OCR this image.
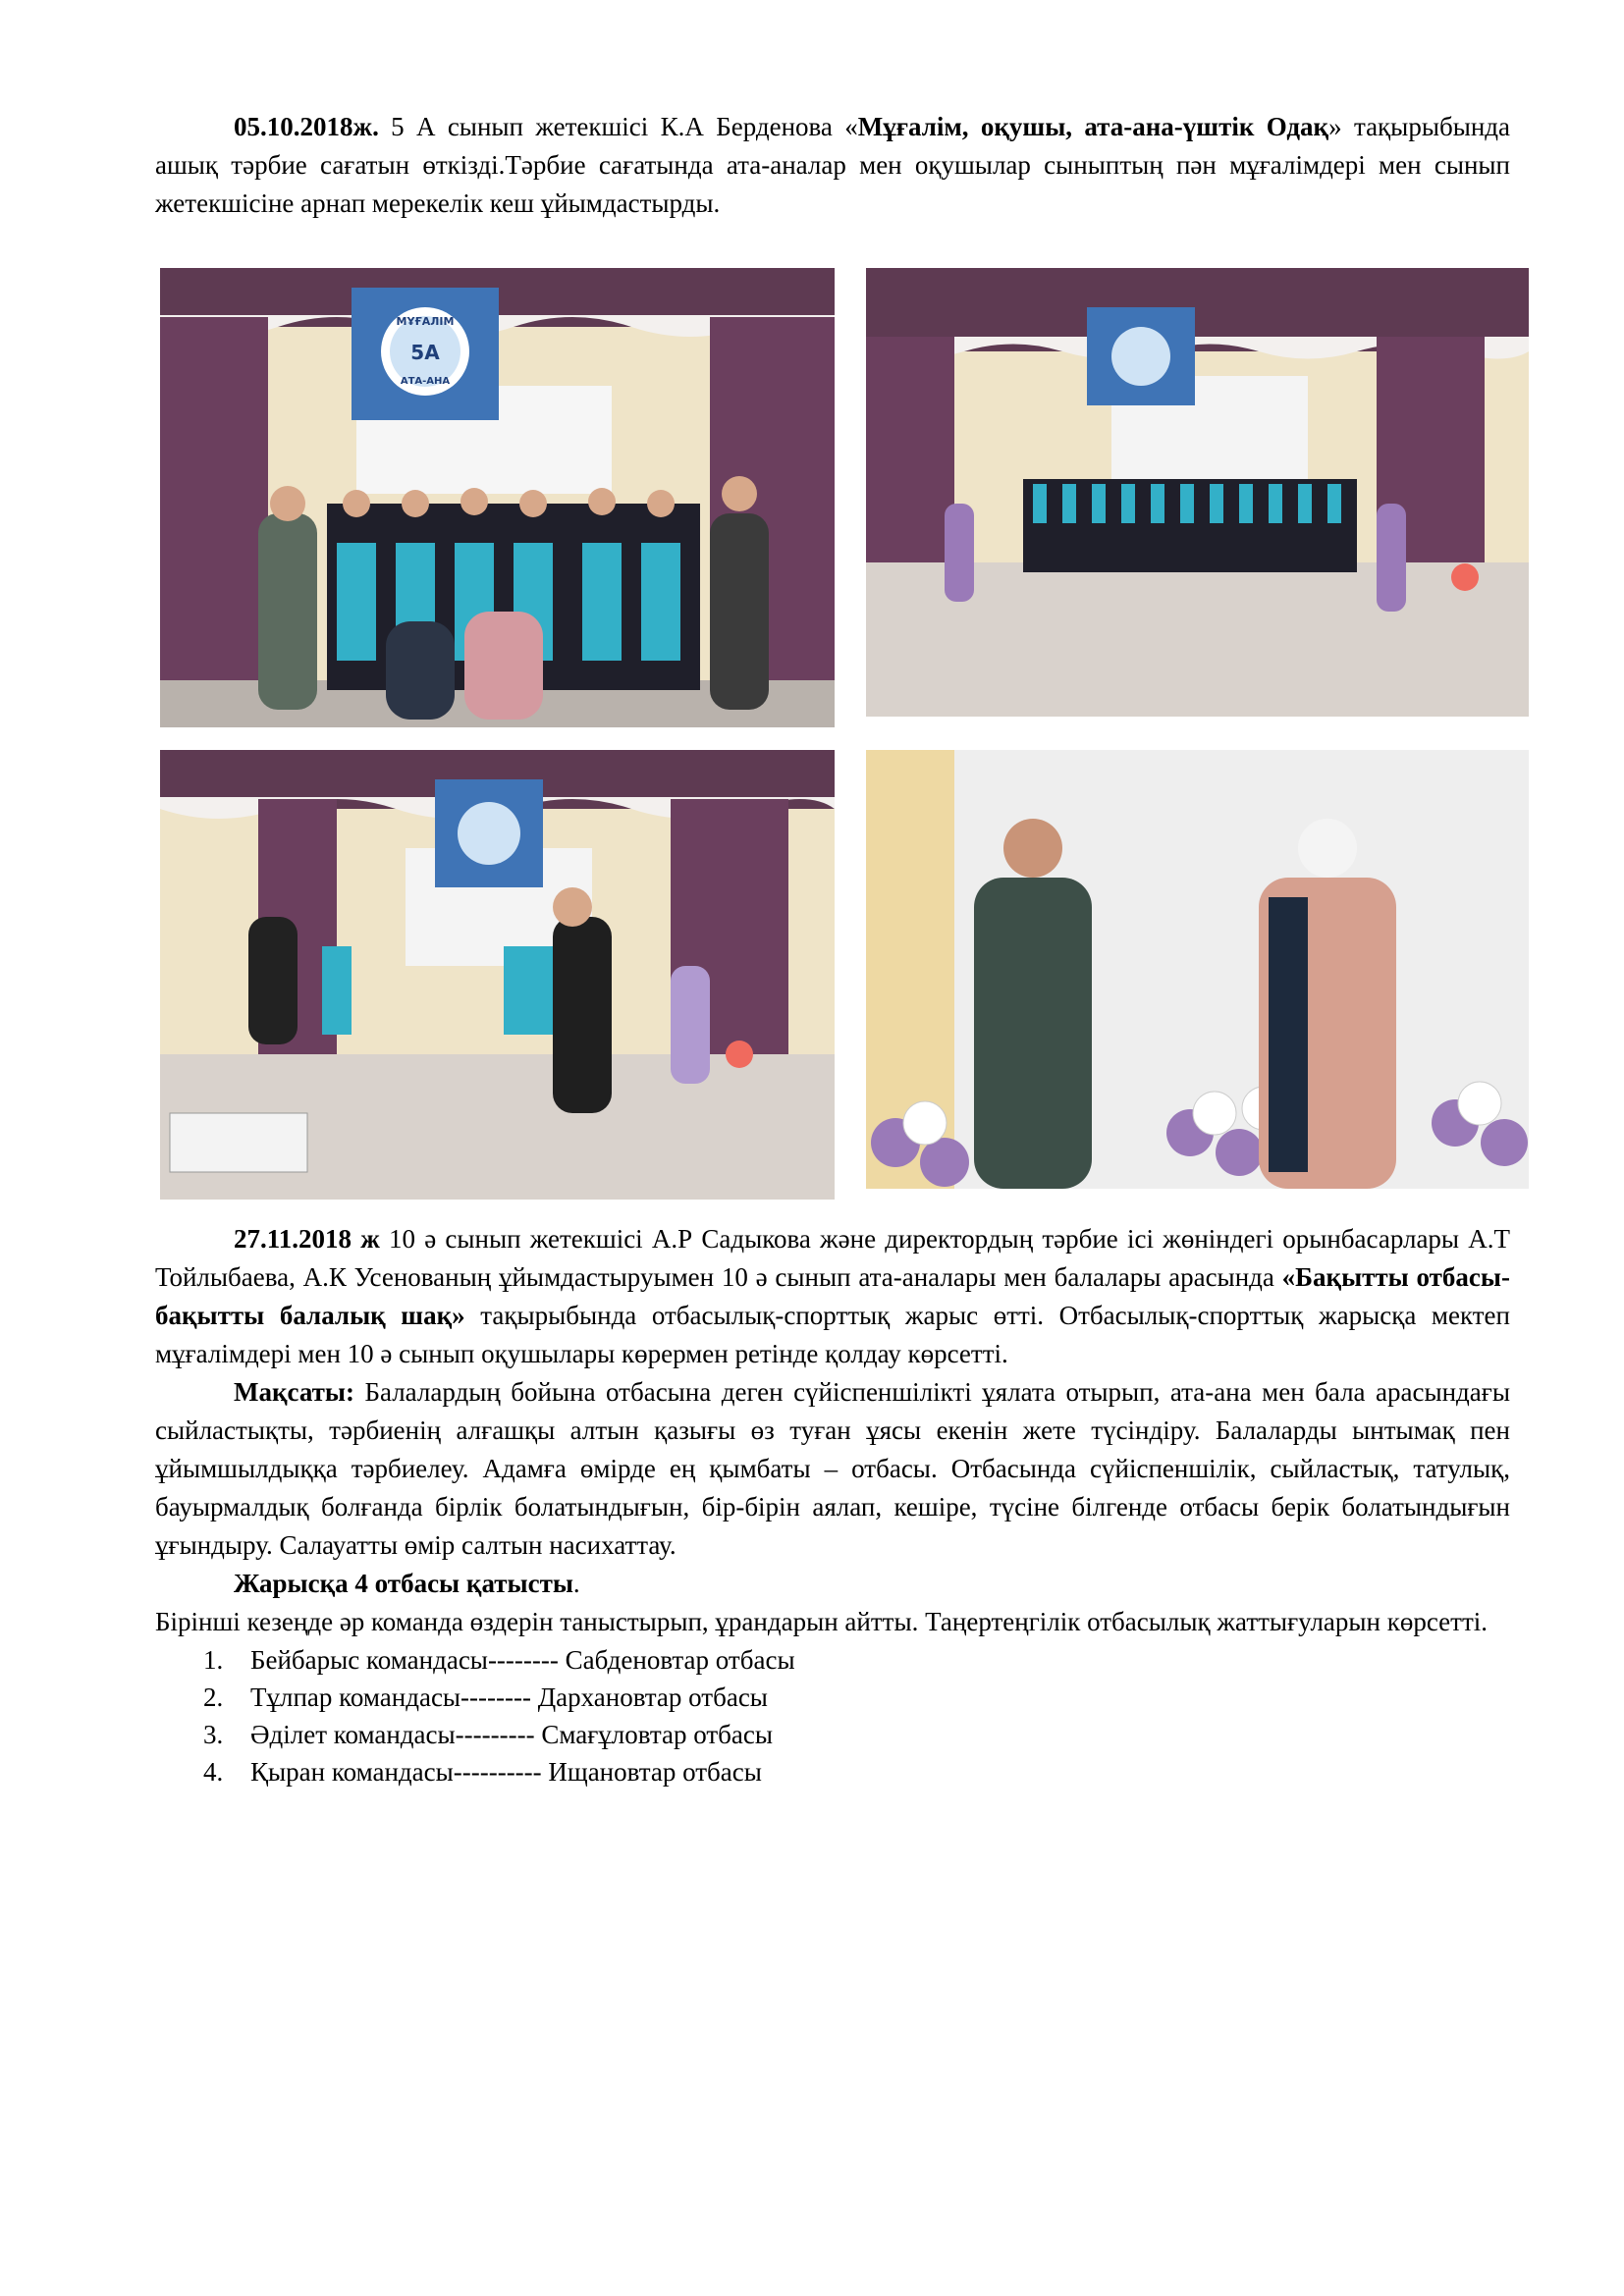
05.10.2018ж. 5 А сынып жетекшісі К.А Берденова «Мұғалім, оқушы, ата-ана-үштік Одақ» тақырыбында ашық тәрбие сағатын өткізді.Тәрбие сағатында ата-аналар мен оқушылар сыныптың пән мұғалімдері мен сынып жетекшісіне арнап мерекелік кеш ұйымдастырды.

МҰҒАЛІМ
5А
АТА-АНА

27.11.2018 ж 10 ә сынып жетекшісі А.Р Садыкова және директордың тәрбие ісі жөніндегі орынбасарлары А.Т Тойлыбаева, А.К Усенованың ұйымдастыруымен 10 ә сынып ата-аналары мен балалары арасында «Бақытты отбасы-бақытты балалық шақ» тақырыбында отбасылық-спорттық жарыс өтті. Отбасылық-спорттық жарысқа мектеп мұғалімдері мен 10 ә сынып оқушылары көрермен ретінде қолдау көрсетті.

Мақсаты: Балалардың бойына отбасына деген сүйіспеншілікті ұялата отырып, ата-ана мен бала арасындағы сыйластықты, тәрбиенің алғашқы алтын қазығы өз туған ұясы екенін жете түсіндіру. Балаларды ынтымақ пен ұйымшылдыққа тәрбиелеу. Адамға өмірде ең қымбаты – отбасы. Отбасында сүйіспеншілік, сыйластық, татулық, бауырмалдық болғанда бірлік болатындығын, бір-бірін аялап, кешіре, түсіне білгенде отбасы берік болатындығын ұғындыру. Салауатты өмір салтын насихаттау.

Жарысқа 4 отбасы қатысты.

Бірінші кезеңде әр команда өздерін таныстырып, ұрандарын айтты. Таңертеңгілік отбасылық жаттығуларын көрсетті.

1.	Бейбарыс командасы-------- Сабденовтар отбасы
2.	Тұлпар командасы-------- Дархановтар отбасы
3.	Әділет командасы--------- Смағұловтар отбасы
4.	Қыран командасы---------- Ищановтар отбасы
